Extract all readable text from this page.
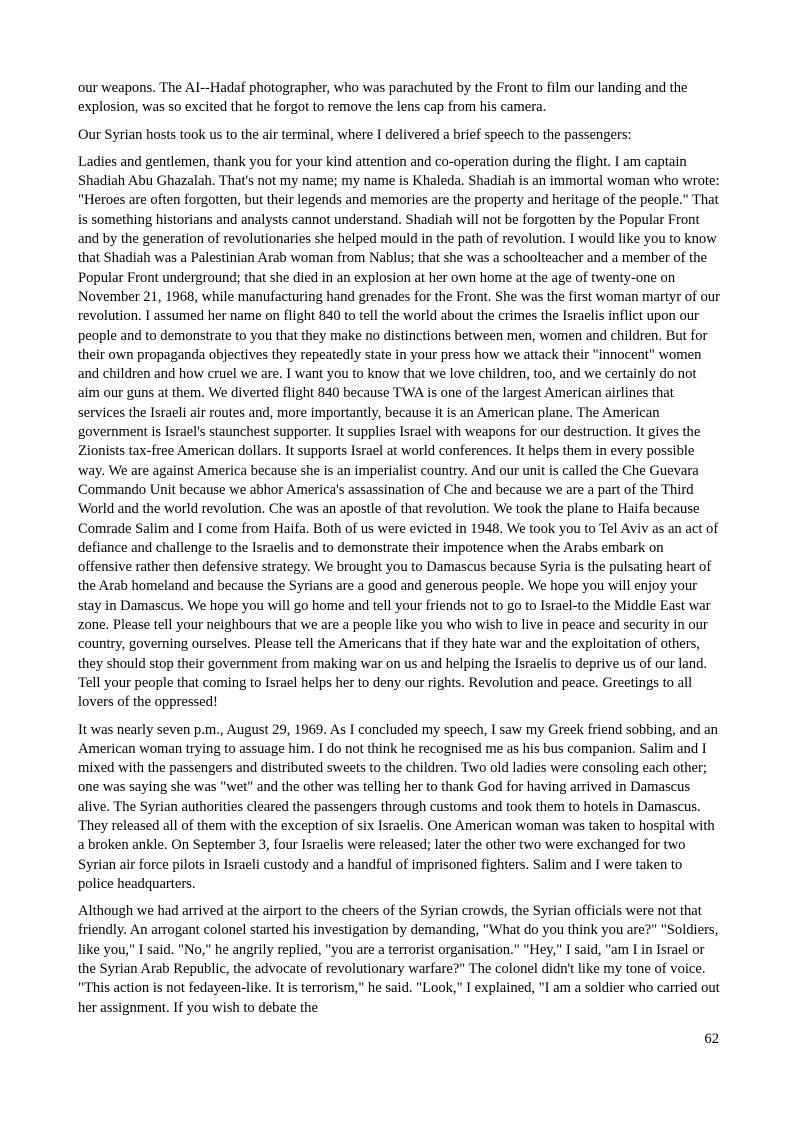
our weapons. The AI--Hadaf photographer, who was parachuted by the Front to film our landing and the explosion, was so excited that he forgot to remove the lens cap from his camera.

Our Syrian hosts took us to the air terminal, where I delivered a brief speech to the passengers:

Ladies and gentlemen, thank you for your kind attention and co-operation during the flight. I am captain Shadiah Abu Ghazalah. That's not my name; my name is Khaleda. Shadiah is an immortal woman who wrote: "Heroes are often forgotten, but their legends and memories are the property and heritage of the people." That is something historians and analysts cannot understand. Shadiah will not be forgotten by the Popular Front and by the generation of revolutionaries she helped mould in the path of revolution. I would like you to know that Shadiah was a Palestinian Arab woman from Nablus; that she was a schoolteacher and a member of the Popular Front underground; that she died in an explosion at her own home at the age of twenty-one on November 21, 1968, while manufacturing hand grenades for the Front. She was the first woman martyr of our revolution. I assumed her name on flight 840 to tell the world about the crimes the Israelis inflict upon our people and to demonstrate to you that they make no distinctions between men, women and children. But for their own propaganda objectives they repeatedly state in your press how we attack their "innocent" women and children and how cruel we are. I want you to know that we love children, too, and we certainly do not aim our guns at them. We diverted flight 840 because TWA is one of the largest American airlines that services the Israeli air routes and, more importantly, because it is an American plane. The American government is Israel's staunchest supporter. It supplies Israel with weapons for our destruction. It gives the Zionists tax-free American dollars. It supports Israel at world conferences. It helps them in every possible way. We are against America because she is an imperialist country. And our unit is called the Che Guevara Commando Unit because we abhor America's assassination of Che and because we are a part of the Third World and the world revolution. Che was an apostle of that revolution. We took the plane to Haifa because Comrade Salim and I come from Haifa. Both of us were evicted in 1948. We took you to Tel Aviv as an act of defiance and challenge to the Israelis and to demonstrate their impotence when the Arabs embark on offensive rather then defensive strategy. We brought you to Damascus because Syria is the pulsating heart of the Arab homeland and because the Syrians are a good and generous people. We hope you will enjoy your stay in Damascus. We hope you will go home and tell your friends not to go to Israel-to the Middle East war zone. Please tell your neighbours that we are a people like you who wish to live in peace and security in our country, governing ourselves. Please tell the Americans that if they hate war and the exploitation of others, they should stop their government from making war on us and helping the Israelis to deprive us of our land. Tell your people that coming to Israel helps her to deny our rights. Revolution and peace. Greetings to all lovers of the oppressed!

It was nearly seven p.m., August 29, 1969. As I concluded my speech, I saw my Greek friend sobbing, and an American woman trying to assuage him. I do not think he recognised me as his bus companion. Salim and I mixed with the passengers and distributed sweets to the children. Two old ladies were consoling each other; one was saying she was "wet" and the other was telling her to thank God for having arrived in Damascus alive. The Syrian authorities cleared the passengers through customs and took them to hotels in Damascus. They released all of them with the exception of six Israelis. One American woman was taken to hospital with a broken ankle. On September 3, four Israelis were released; later the other two were exchanged for two Syrian air force pilots in Israeli custody and a handful of imprisoned fighters. Salim and I were taken to police headquarters.

Although we had arrived at the airport to the cheers of the Syrian crowds, the Syrian officials were not that friendly. An arrogant colonel started his investigation by demanding, "What do you think you are?" "Soldiers, like you," I said. "No," he angrily replied, "you are a terrorist organisation." "Hey," I said, "am I in Israel or the Syrian Arab Republic, the advocate of revolutionary warfare?" The colonel didn't like my tone of voice. "This action is not fedayeen-like. It is terrorism," he said. "Look," I explained, "I am a soldier who carried out her assignment. If you wish to debate the

62
